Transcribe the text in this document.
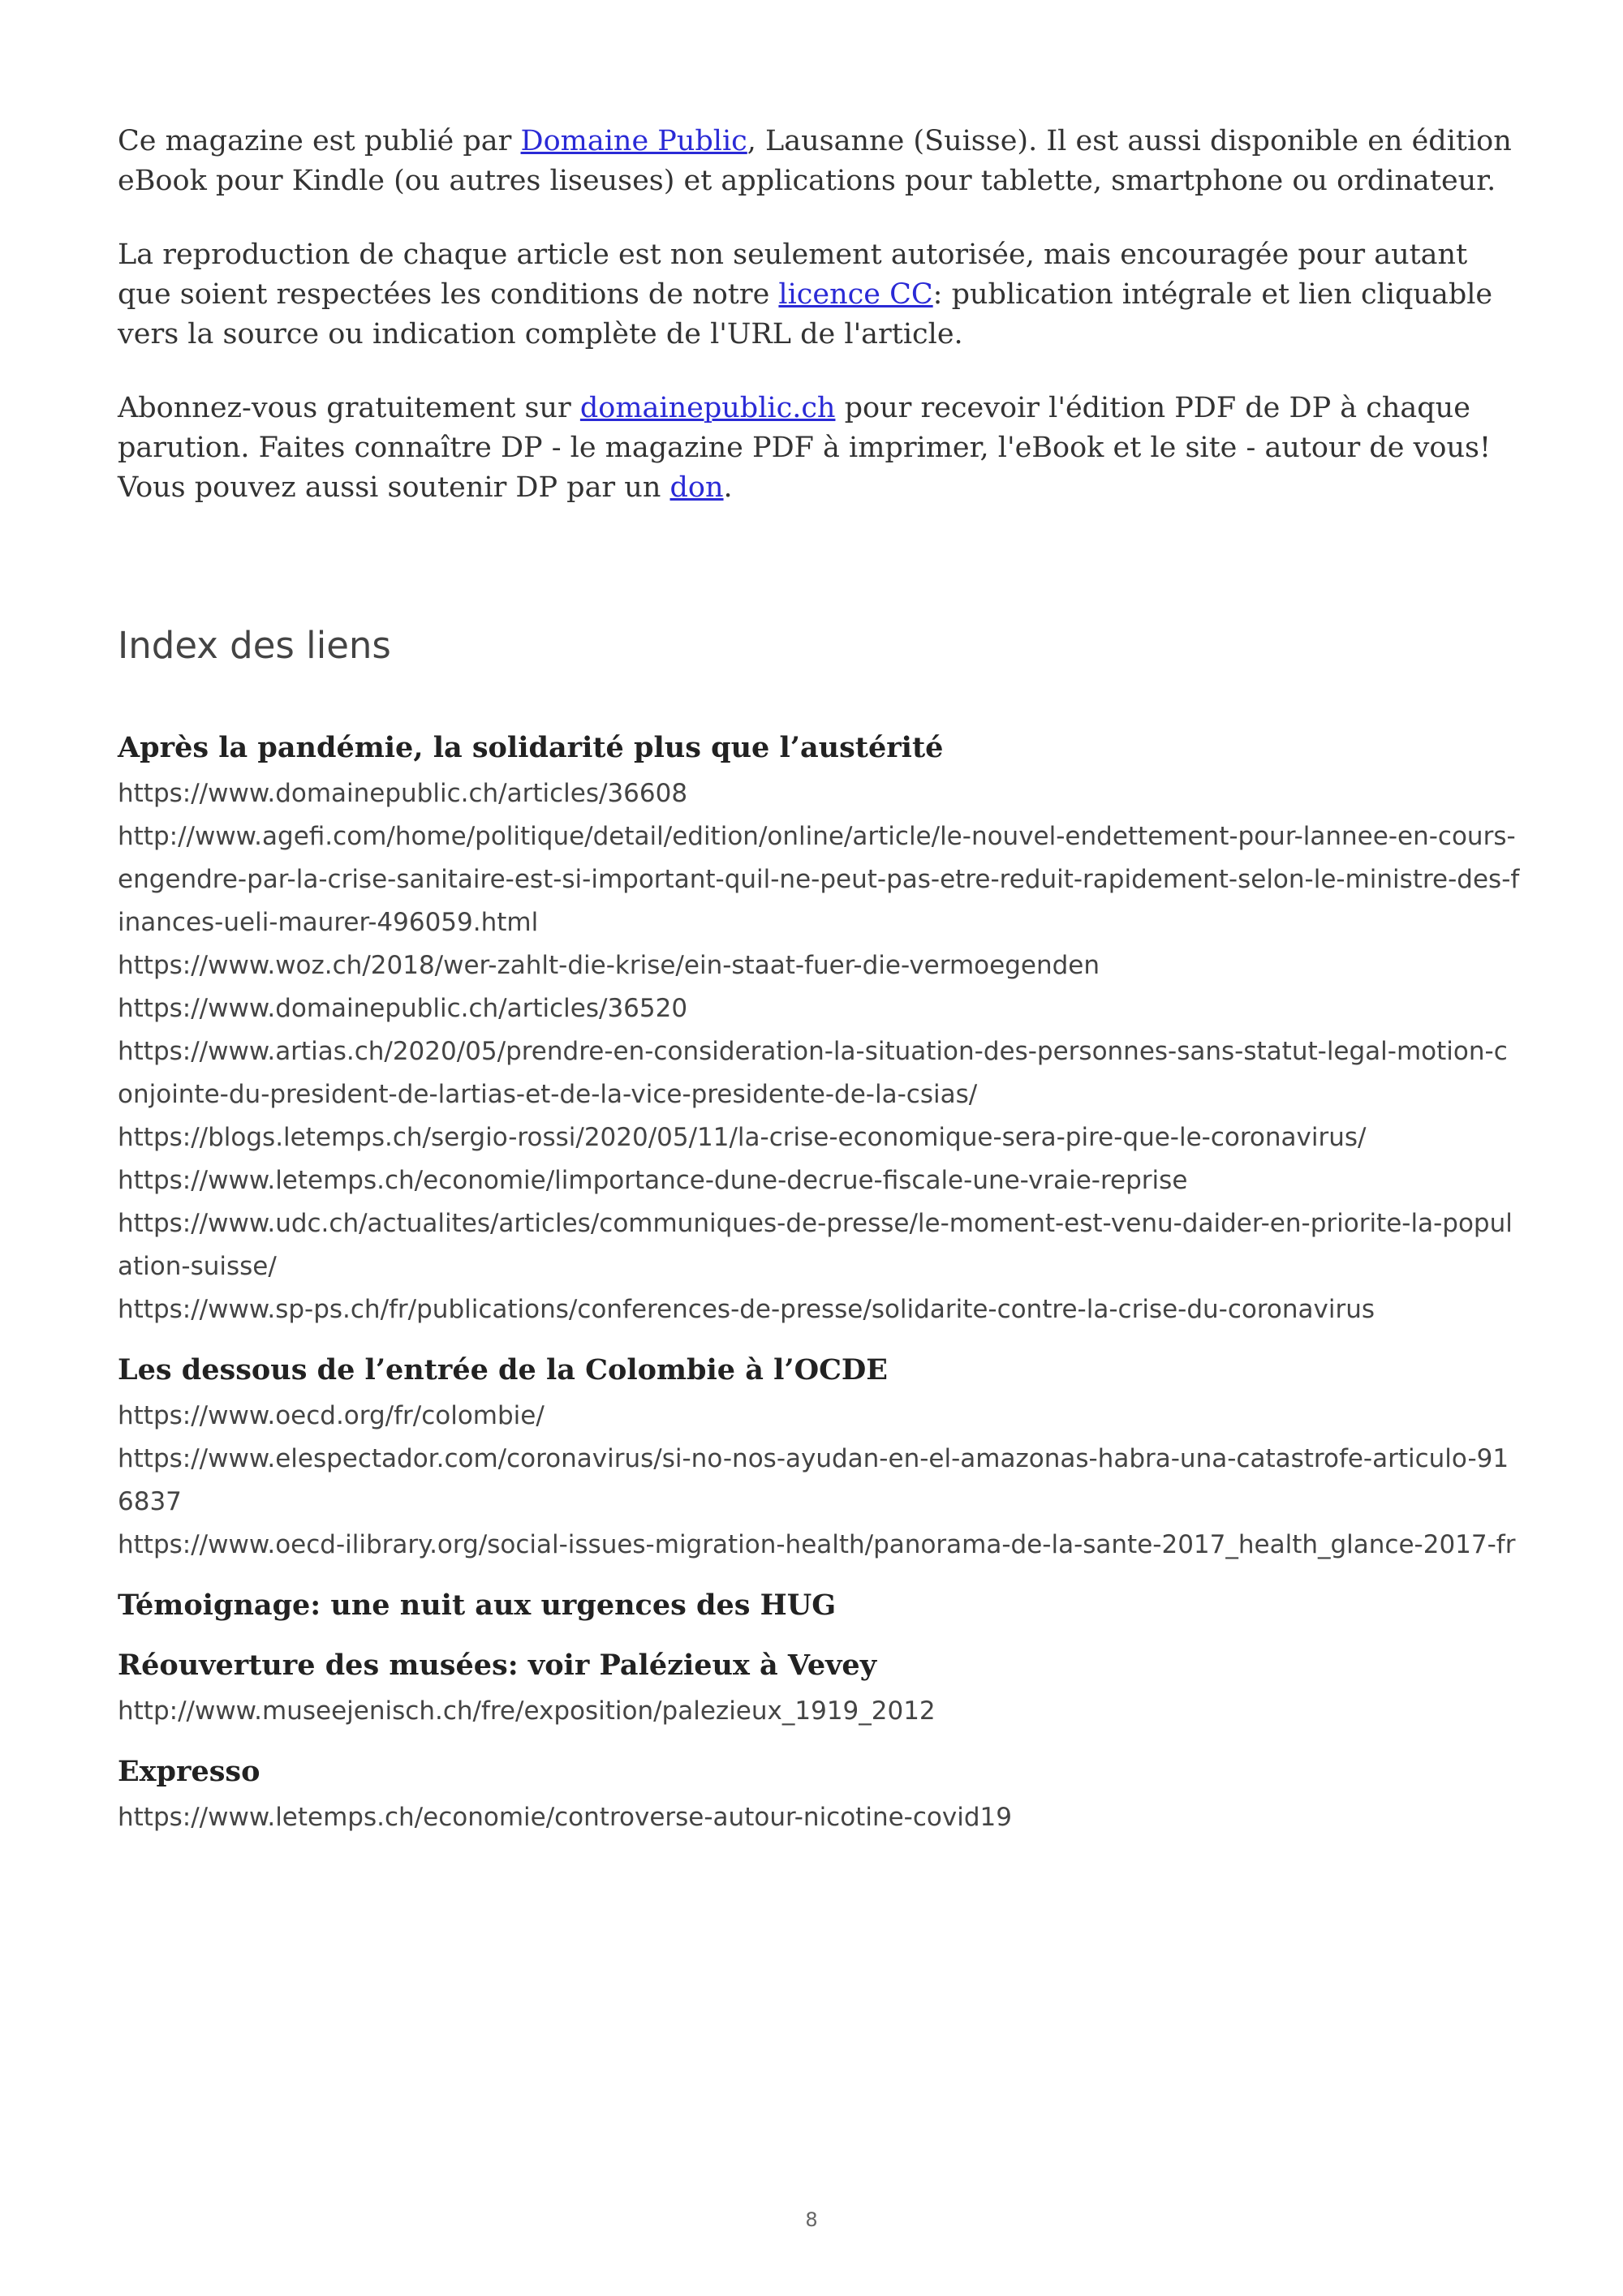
Ce magazine est publié par Domaine Public, Lausanne (Suisse). Il est aussi disponible en édition eBook pour Kindle (ou autres liseuses) et applications pour tablette, smartphone ou ordinateur.

La reproduction de chaque article est non seulement autorisée, mais encouragée pour autant que soient respectées les conditions de notre licence CC: publication intégrale et lien cliquable vers la source ou indication complète de l'URL de l'article.

Abonnez-vous gratuitement sur domainepublic.ch pour recevoir l'édition PDF de DP à chaque parution. Faites connaître DP - le magazine PDF à imprimer, l'eBook et le site - autour de vous! Vous pouvez aussi soutenir DP par un don.

Index des liens
Après la pandémie, la solidarité plus que l’austérité
https://www.domainepublic.ch/articles/36608
http://www.agefi.com/home/politique/detail/edition/online/article/le-nouvel-endettement-pour-lannee-en-cours-engendre-par-la-crise-sanitaire-est-si-important-quil-ne-peut-pas-etre-reduit-rapidement-selon-le-ministre-des-finances-ueli-maurer-496059.html
https://www.woz.ch/2018/wer-zahlt-die-krise/ein-staat-fuer-die-vermoegenden
https://www.domainepublic.ch/articles/36520
https://www.artias.ch/2020/05/prendre-en-consideration-la-situation-des-personnes-sans-statut-legal-motion-conjointe-du-president-de-lartias-et-de-la-vice-presidente-de-la-csias/
https://blogs.letemps.ch/sergio-rossi/2020/05/11/la-crise-economique-sera-pire-que-le-coronavirus/
https://www.letemps.ch/economie/limportance-dune-decrue-fiscale-une-vraie-reprise
https://www.udc.ch/actualites/articles/communiques-de-presse/le-moment-est-venu-daider-en-priorite-la-population-suisse/
https://www.sp-ps.ch/fr/publications/conferences-de-presse/solidarite-contre-la-crise-du-coronavirus
Les dessous de l’entrée de la Colombie à l’OCDE
https://www.oecd.org/fr/colombie/
https://www.elespectador.com/coronavirus/si-no-nos-ayudan-en-el-amazonas-habra-una-catastrofe-articulo-916837
https://www.oecd-ilibrary.org/social-issues-migration-health/panorama-de-la-sante-2017_health_glance-2017-fr
Témoignage: une nuit aux urgences des HUG
Réouverture des musées: voir Palézieux à Vevey
http://www.museejenisch.ch/fre/exposition/palezieux_1919_2012
Expresso
https://www.letemps.ch/economie/controverse-autour-nicotine-covid19
8
